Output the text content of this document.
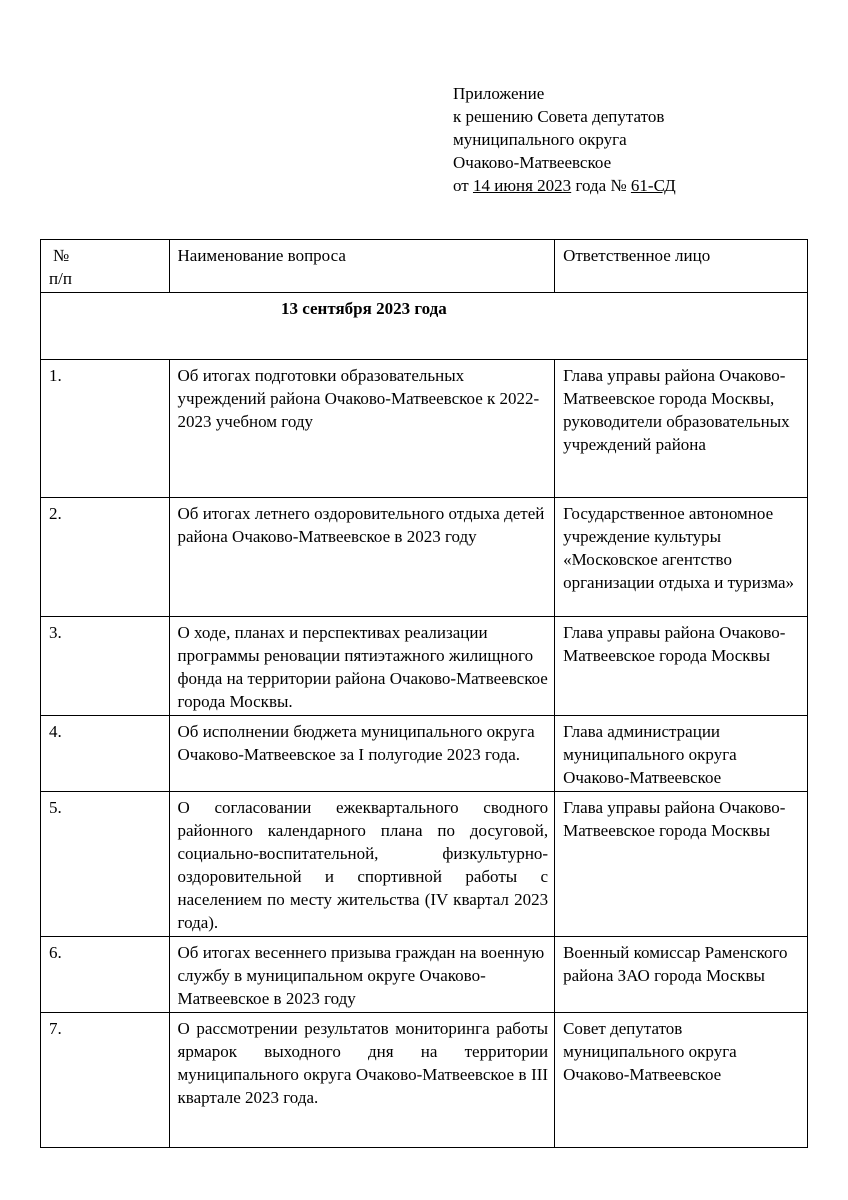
Приложение
к решению Совета депутатов
муниципального округа
Очаково-Матвеевское
от 14 июня 2023 года № 61-СД
№
п/п	Наименование вопроса	Ответственное лицо

13 сентября 2023 года		

1.	Об итогах подготовки образовательных учреждений района Очаково-Матвеевское к 2022-2023 учебном году	Глава управы района Очаково-Матвеевское города Москвы, руководители образовательных учреждений района
2.	Об итогах летнего оздоровительного отдыха детей района Очаково-Матвеевское в 2023 году	Государственное автономное учреждение культуры «Московское агентство организации отдыха и туризма»
3.	О ходе, планах и перспективах реализации программы реновации пятиэтажного жилищного фонда на территории района Очаково-Матвеевское города Москвы.	Глава управы района Очаково-Матвеевское города Москвы
4.	Об исполнении бюджета муниципального округа Очаково-Матвеевское за I полугодие 2023 года.	Глава администрации муниципального округа Очаково-Матвеевское
5.	О согласовании ежеквартального сводного районного календарного плана по досуговой, социально-воспитательной, физкультурно-оздоровительной и спортивной работы с населением по месту жительства (IV квартал 2023 года).	Глава управы района Очаково-Матвеевское города Москвы
6.	Об итогах весеннего призыва граждан на военную службу в муниципальном округе Очаково-Матвеевское в 2023 году	Военный комиссар Раменского района ЗАО города Москвы
7.	О рассмотрении результатов мониторинга работы ярмарок выходного дня на территории муниципального округа Очаково-Матвеевское в III квартале 2023 года.	Совет депутатов муниципального округа Очаково-Матвеевское
